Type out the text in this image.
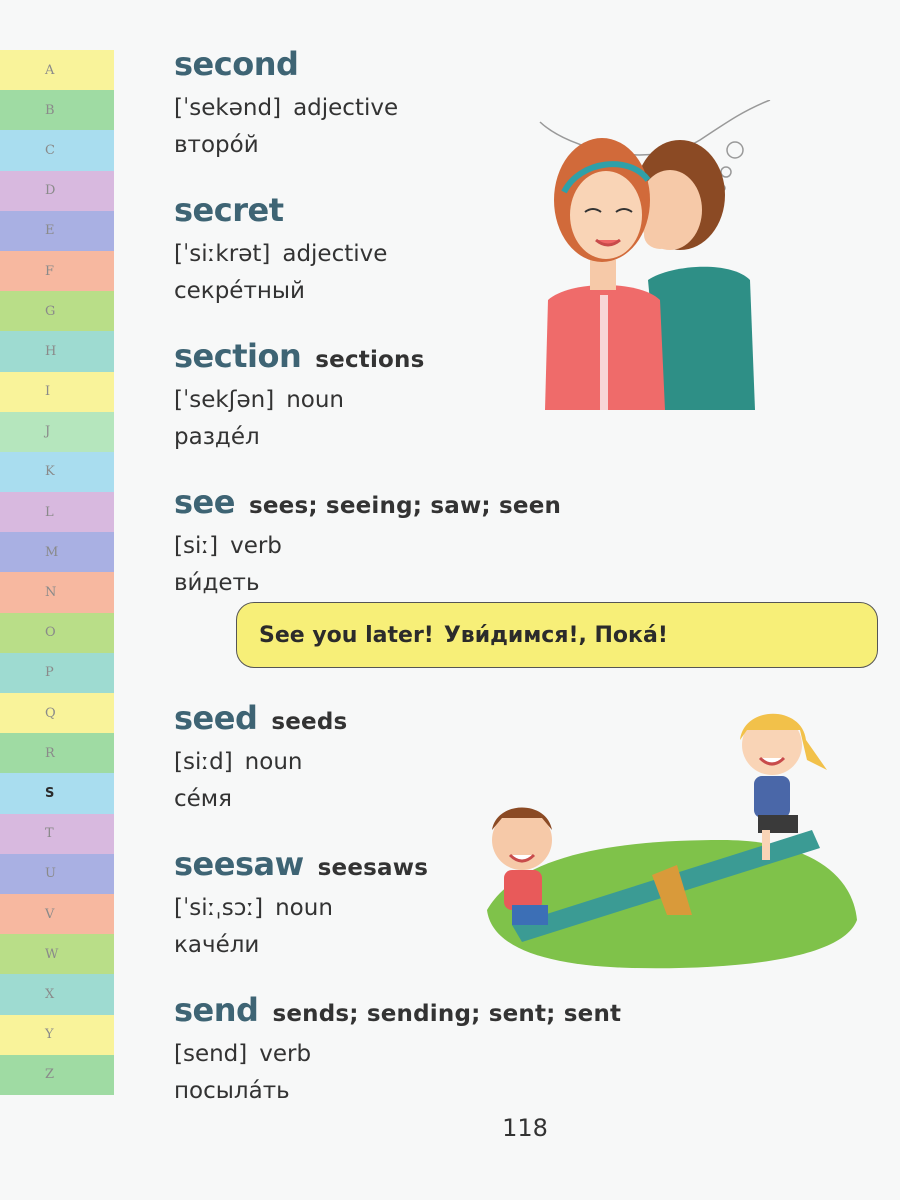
A
B
C
D
E
F
G
H
I
J
K
L
M
N
O
P
Q
R
S
T
U
V
W
X
Y
Z
second
[ˈsekənd] adjective
второ́й
secret
[ˈsiːkrət] adjective
секре́тный
section sections
[ˈsekʃən] noun
разде́л
see sees; seeing; saw; seen
[siː] verb
ви́деть
See you later! Уви́димся!, Пока́!
seed seeds
[siːd] noun
се́мя
seesaw seesaws
[ˈsiːˌsɔː] noun
каче́ли
send sends; sending; sent; sent
[send] verb
посыла́ть
118
